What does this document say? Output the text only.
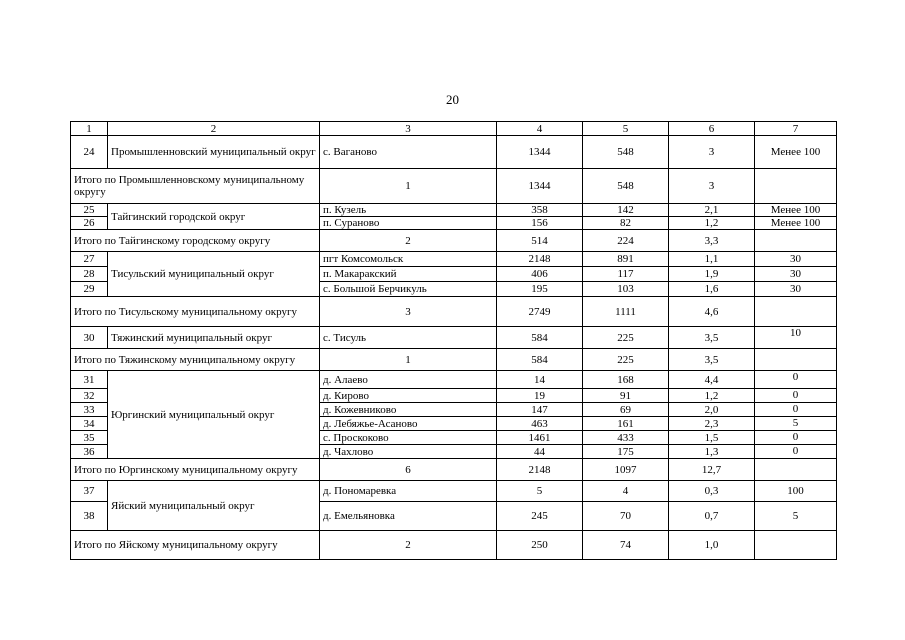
20
1	2	3	4	5	6	7
24	Промышленновский муниципальный округ	с. Ваганово	1344	548	3	Менее 100
Итого по Промышленновскому муниципальному округу		1	1344	548	3	
25	Тайгинский городской округ	п. Кузель	358	142	2,1	Менее 100
26		п. Сураново	156	82	1,2	Менее 100
Итого по Тайгинскому городскому округу		2	514	224	3,3	
27	Тисульский муниципальный округ	пгт Комсомольск	2148	891	1,1	30
28		п. Макаракский	406	117	1,9	30
29		с. Большой Берчикуль	195	103	1,6	30
Итого по Тисульскому муниципальному округу		3	2749	1111	4,6	
30	Тяжинский муниципальный округ	с. Тисуль	584	225	3,5	10
Итого по Тяжинскому муниципальному округу		1	584	225	3,5	
31	Юргинский муниципальный округ	д. Алаево	14	168	4,4	0
32		д. Кирово	19	91	1,2	0
33		д. Кожевниково	147	69	2,0	0
34		д. Лебяжье-Асаново	463	161	2,3	5
35		с. Проскоково	1461	433	1,5	0
36		д. Чахлово	44	175	1,3	0
Итого по Юргинскому муниципальному округу		6	2148	1097	12,7	
37	Яйский муниципальный округ	д. Пономаревка	5	4	0,3	100
38		д. Емельяновка	245	70	0,7	5
Итого по Яйскому муниципальному округу		2	250	74	1,0	
